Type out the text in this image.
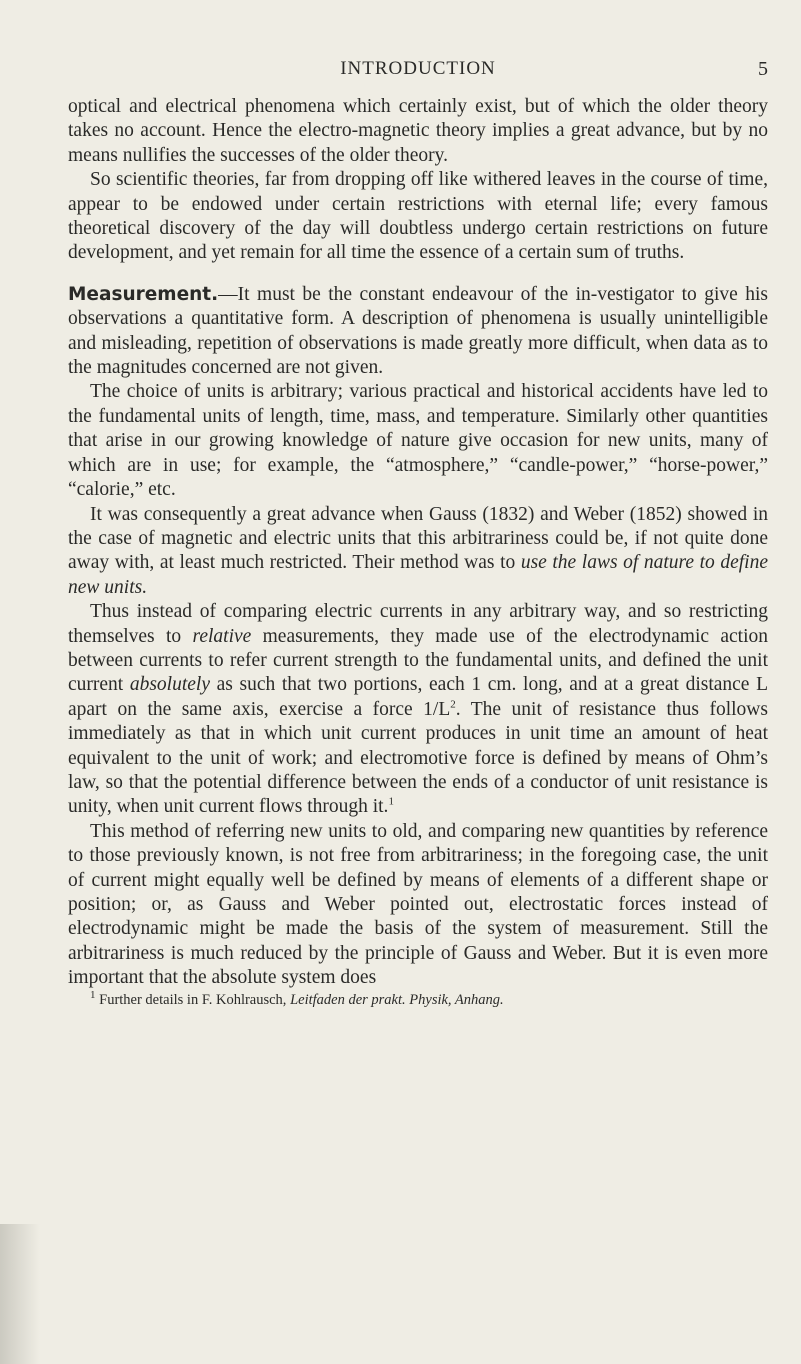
INTRODUCTION	5

optical and electrical phenomena which certainly exist, but of which the older theory takes no account. Hence the electro-magnetic theory implies a great advance, but by no means nullifies the successes of the older theory.

So scientific theories, far from dropping off like withered leaves in the course of time, appear to be endowed under certain restrictions with eternal life; every famous theoretical discovery of the day will doubtless undergo certain restrictions on future development, and yet remain for all time the essence of a certain sum of truths.

Measurement.—It must be the constant endeavour of the in-vestigator to give his observations a quantitative form. A description of phenomena is usually unintelligible and misleading, repetition of observations is made greatly more difficult, when data as to the magnitudes concerned are not given.

The choice of units is arbitrary; various practical and historical accidents have led to the fundamental units of length, time, mass, and temperature. Similarly other quantities that arise in our growing knowledge of nature give occasion for new units, many of which are in use; for example, the “atmosphere,” “candle-power,” “horse-power,” “calorie,” etc.

It was consequently a great advance when Gauss (1832) and Weber (1852) showed in the case of magnetic and electric units that this arbitrariness could be, if not quite done away with, at least much restricted. Their method was to use the laws of nature to define new units.

Thus instead of comparing electric currents in any arbitrary way, and so restricting themselves to relative measurements, they made use of the electrodynamic action between currents to refer current strength to the fundamental units, and defined the unit current absolutely as such that two portions, each 1 cm. long, and at a great distance L apart on the same axis, exercise a force $1/L^2$. The unit of resistance thus follows immediately as that in which unit current produces in unit time an amount of heat equivalent to the unit of work; and electromotive force is defined by means of Ohm’s law, so that the potential difference between the ends of a conductor of unit resistance is unity, when unit current flows through it.$^1$

This method of referring new units to old, and comparing new quantities by reference to those previously known, is not free from arbitrariness; in the foregoing case, the unit of current might equally well be defined by means of elements of a different shape or position; or, as Gauss and Weber pointed out, electrostatic forces instead of electrodynamic might be made the basis of the system of measurement. Still the arbitrariness is much reduced by the principle of Gauss and Weber. But it is even more important that the absolute system does

$^1$ Further details in F. Kohlrausch, Leitfaden der prakt. Physik, Anhang.
